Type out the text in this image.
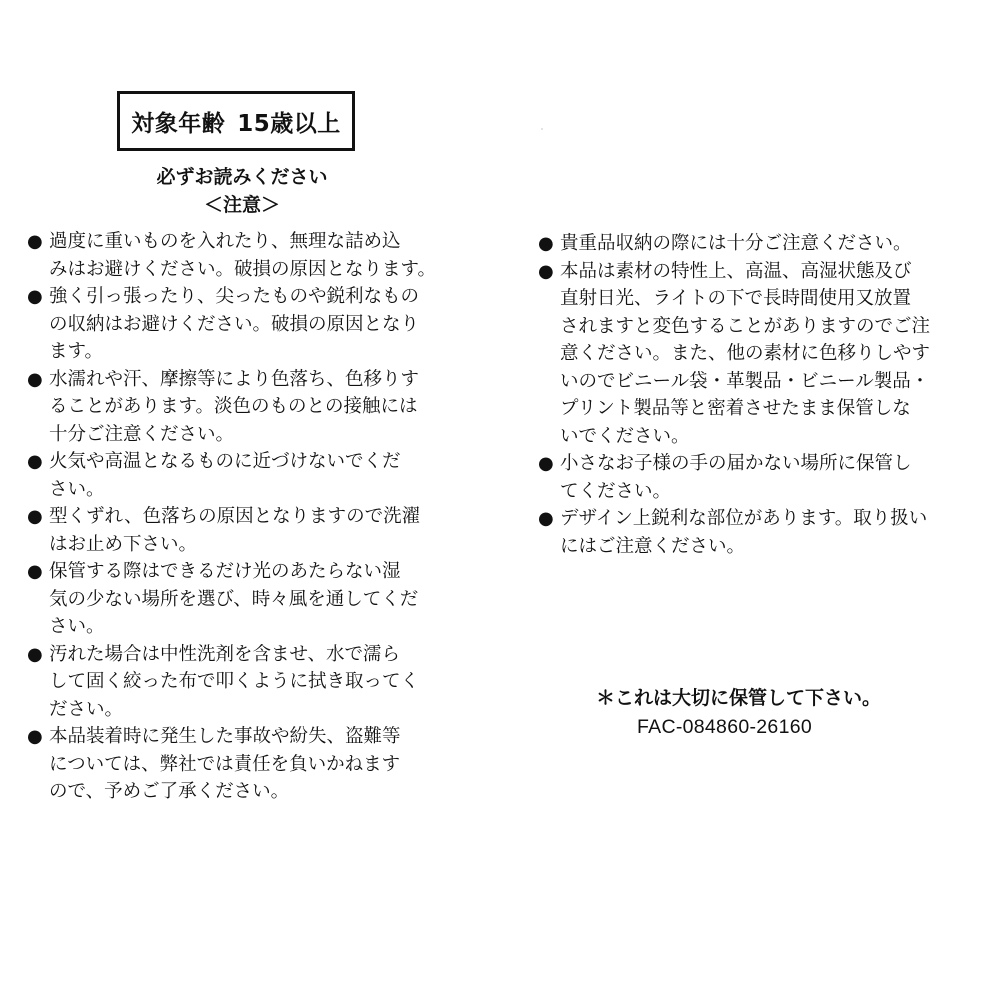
対象年齢 15歳以上
必ずお読みください
＜注意＞
● 過度に重いものを入れたり、無理な詰め込
みはお避けください。破損の原因となります。
● 強く引っ張ったり、尖ったものや鋭利なもの
の収納はお避けください。破損の原因となり
ます。
● 水濡れや汗、摩擦等により色落ち、色移りす
ることがあります。淡色のものとの接触には
十分ご注意ください。
● 火気や高温となるものに近づけないでくだ
さい。
● 型くずれ、色落ちの原因となりますので洗濯
はお止め下さい。
● 保管する際はできるだけ光のあたらない湿
気の少ない場所を選び、時々風を通してくだ
さい。
● 汚れた場合は中性洗剤を含ませ、水で濡ら
して固く絞った布で叩くように拭き取ってく
ださい。
● 本品装着時に発生した事故や紛失、盗難等
については、弊社では責任を負いかねます
ので、予めご了承ください。
● 貴重品収納の際には十分ご注意ください。
● 本品は素材の特性上、高温、高湿状態及び
直射日光、ライトの下で長時間使用又放置
されますと変色することがありますのでご注
意ください。また、他の素材に色移りしやす
いのでビニール袋・革製品・ビニール製品・
プリント製品等と密着させたまま保管しな
いでください。
● 小さなお子様の手の届かない場所に保管し
てください。
● デザイン上鋭利な部位があります。取り扱い
にはご注意ください。
＊これは大切に保管して下さい。
FAC-084860-26160
